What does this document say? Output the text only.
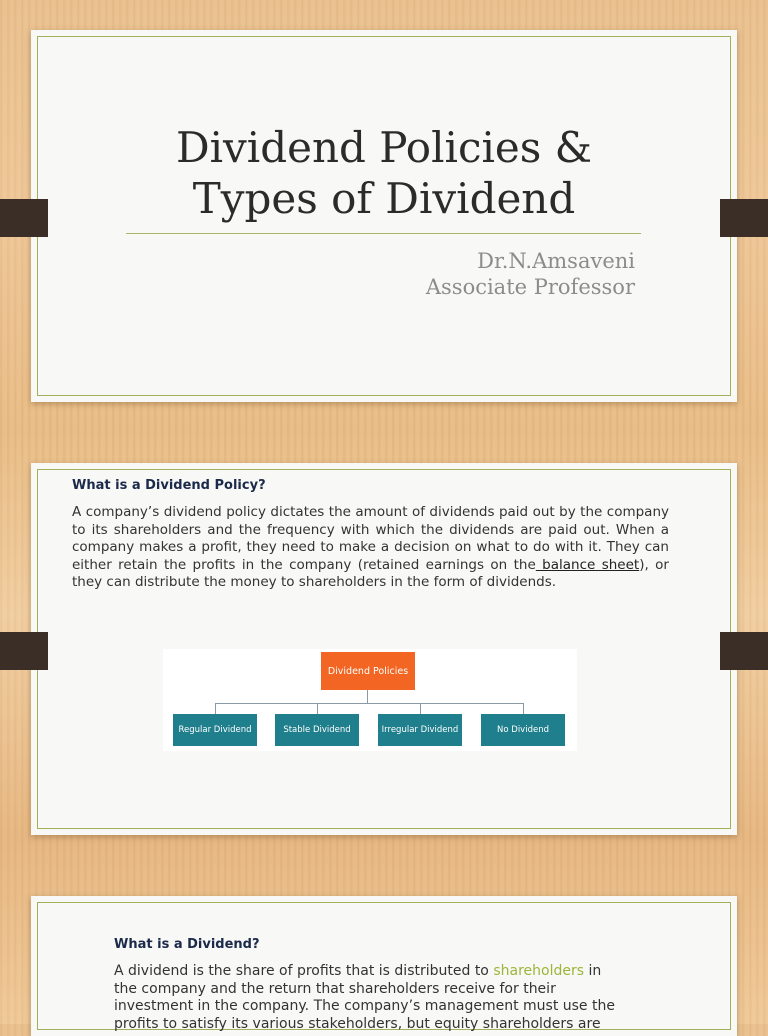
Dividend Policies &
Types of Dividend
Dr.N.Amsaveni
Associate Professor
What is a Dividend Policy?
A company’s dividend policy dictates the amount of dividends paid out by the company to its shareholders and the frequency with which the dividends are paid out. When a company makes a profit, they need to make a decision on what to do with it. They can either retain the profits in the company (retained earnings on the balance sheet), or they can distribute the money to shareholders in the form of dividends.
Dividend Policies
Regular Dividend	Stable Dividend	Irregular Dividend	No Dividend
What is a Dividend?
A dividend is the share of profits that is distributed to shareholders in the company and the return that shareholders receive for their investment in the company. The company’s management must use the profits to satisfy its various stakeholders, but equity shareholders are
